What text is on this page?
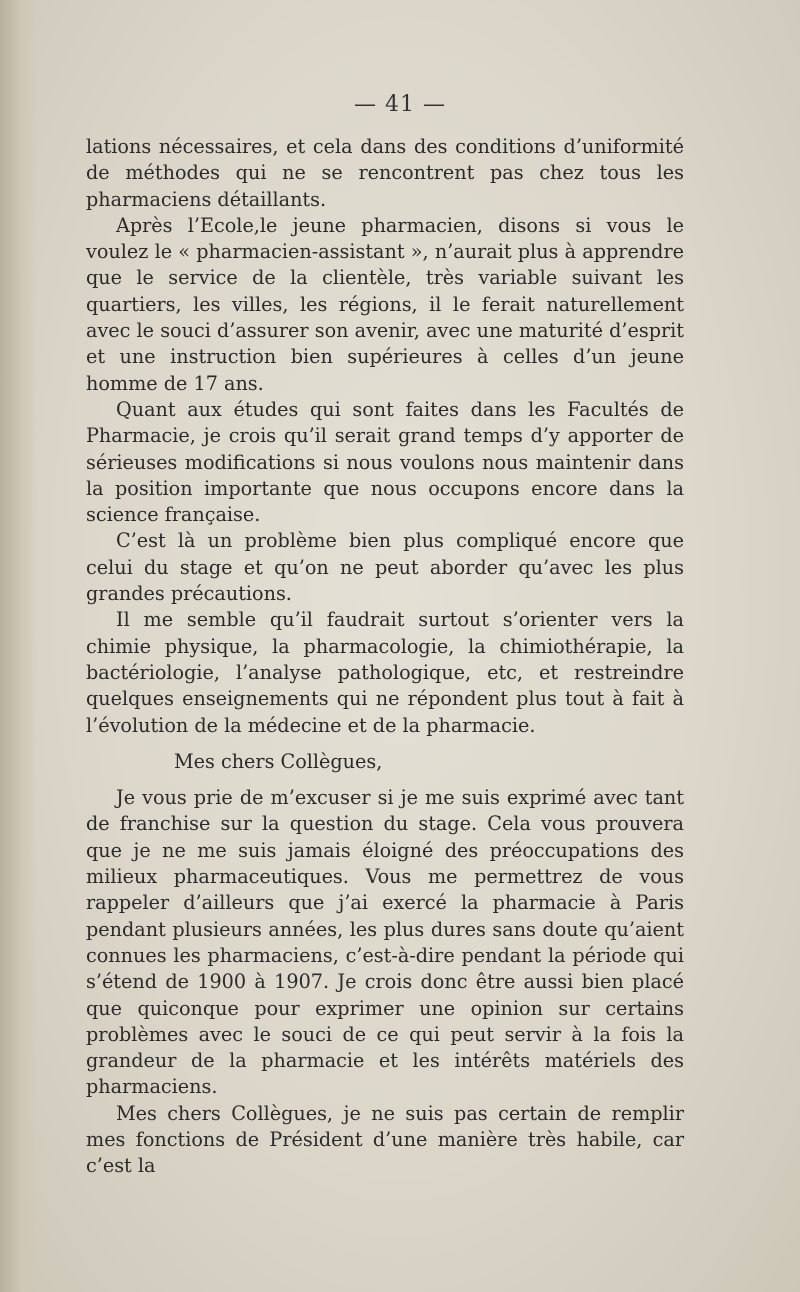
— 41 —

lations nécessaires, et cela dans des conditions d’uniformité de méthodes qui ne se rencontrent pas chez tous les pharmaciens détaillants.

Après l’Ecole,le jeune pharmacien, disons si vous le voulez le « pharmacien-assistant », n’aurait plus à apprendre que le service de la clientèle, très variable suivant les quartiers, les villes, les régions, il le ferait naturellement avec le souci d’assurer son avenir, avec une maturité d’esprit et une instruction bien supérieures à celles d’un jeune homme de 17 ans.

Quant aux études qui sont faites dans les Facultés de Pharmacie, je crois qu’il serait grand temps d’y apporter de sérieuses modifications si nous voulons nous maintenir dans la position importante que nous occupons encore dans la science française.

C’est là un problème bien plus compliqué encore que celui du stage et qu’on ne peut aborder qu’avec les plus grandes précautions.

Il me semble qu’il faudrait surtout s’orienter vers la chimie physique, la pharmacologie, la chimiothérapie, la bactériologie, l’analyse pathologique, etc, et restreindre quelques enseignements qui ne répondent plus tout à fait à l’évolution de la médecine et de la pharmacie.

Mes chers Collègues,

Je vous prie de m’excuser si je me suis exprimé avec tant de franchise sur la question du stage. Cela vous prouvera que je ne me suis jamais éloigné des préoccupations des milieux pharmaceutiques. Vous me permettrez de vous rappeler d’ailleurs que j’ai exercé la pharmacie à Paris pendant plusieurs années, les plus dures sans doute qu’aient connues les pharmaciens, c’est-à-dire pendant la période qui s’étend de 1900 à 1907. Je crois donc être aussi bien placé que quiconque pour exprimer une opinion sur certains problèmes avec le souci de ce qui peut servir à la fois la grandeur de la pharmacie et les intérêts matériels des pharmaciens.

Mes chers Collègues, je ne suis pas certain de remplir mes fonctions de Président d’une manière très habile, car c’est la
